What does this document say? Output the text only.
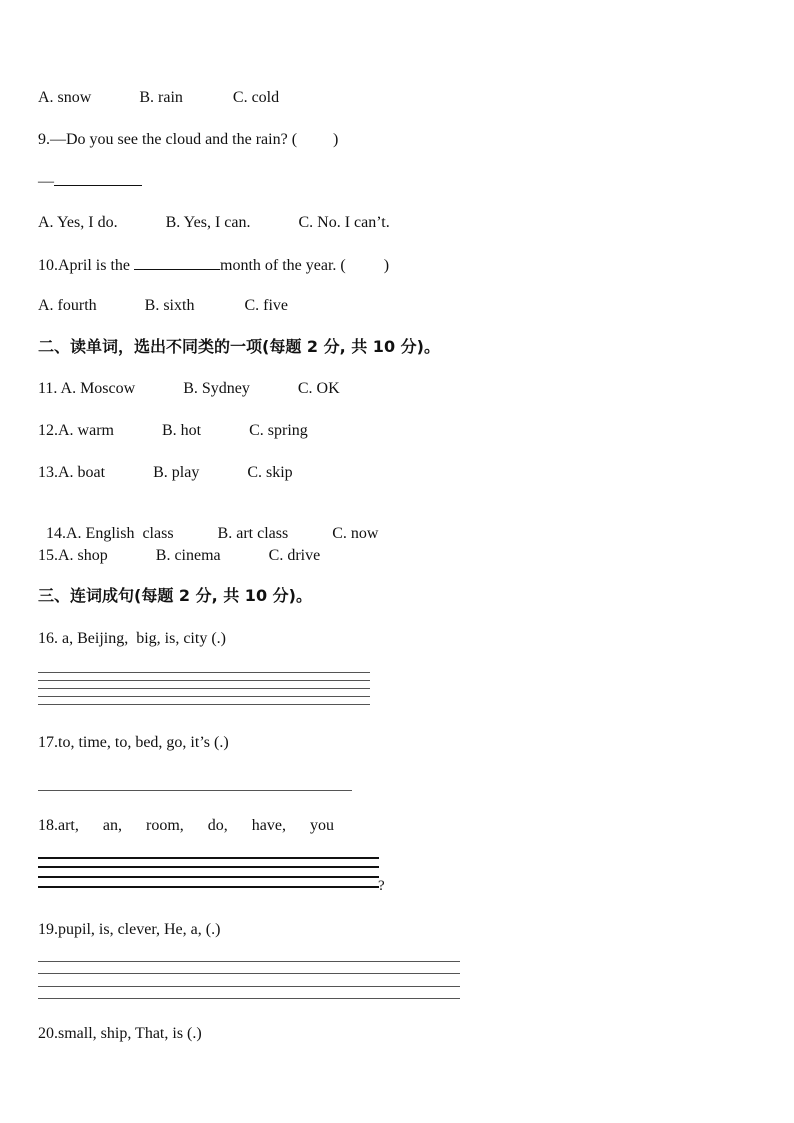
A. snow	B. rain	C. cold
9.—Do you see the cloud and the rain? ( )
—
A. Yes, I do.	B. Yes, I can.	C. No. I can’t.
10.April is the	month of the year. ( )
A. fourth	B. sixth	C. five
二、读单词，选出不同类的一项(每题 2 分, 共 10 分)。
11. A. Moscow	B. Sydney	C. OK
12.A. warm	B. hot	C. spring
13.A. boat	B. play	C. skip

14.A. English  class	B. art class	C. now

15.A. shop	B. cinema	C. drive
三、连词成句(每题 2 分, 共 10 分)。
16. a, Beijing,  big, is, city (.)
17.to, time, to, bed, go, it’s (.)
18.art, an, room, do, have, you
?
19.pupil, is, clever, He, a, (.)
20.small, ship, That, is (.)
